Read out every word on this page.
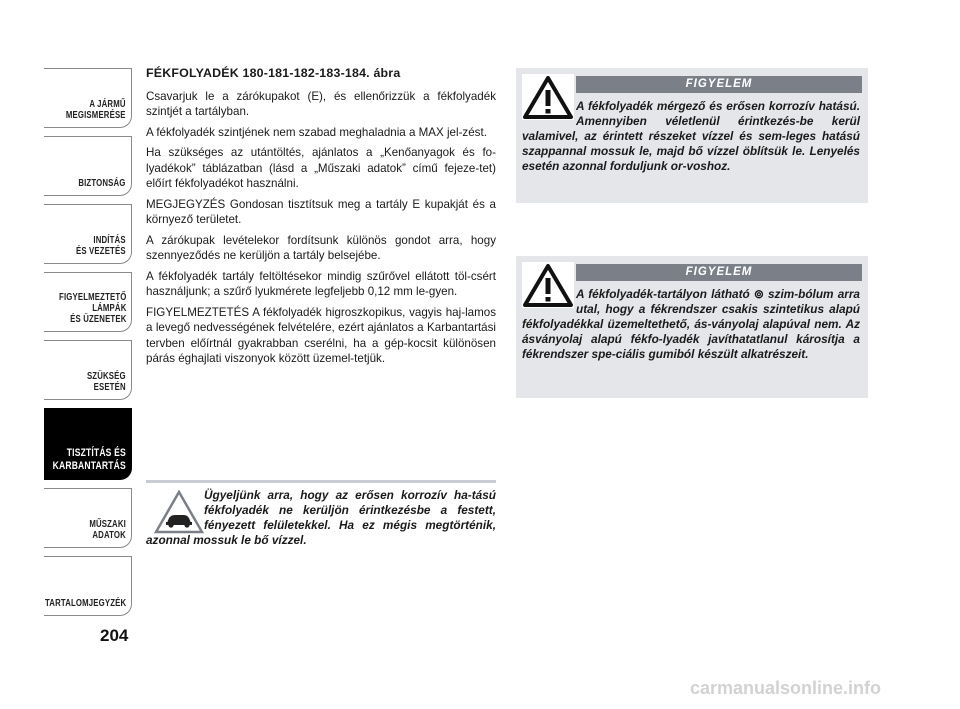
A JÁRMŰ
MEGISMERÉSE
BIZTONSÁG
INDÍTÁS
ÉS VEZETÉS
FIGYELMEZTETŐ
LÁMPÁK
ÉS ÜZENETEK
SZÜKSÉG
ESETÉN
TISZTÍTÁS ÉS
KARBANTARTÁS
MŰSZAKI
ADATOK
TARTALOMJEGYZÉK
204
FÉKFOLYADÉK 180-181-182-183-184. ábra

Csavarjuk le a zárókupakot (E), és ellenőrizzük a fékfolyadék szintjét a tartályban.

A fékfolyadék szintjének nem szabad meghaladnia a MAX jel-zést.

Ha szükséges az utántöltés, ajánlatos a „Kenőanyagok és fo-lyadékok” táblázatban (lásd a „Műszaki adatok” című fejeze-tet) előírt fékfolyadékot használni.

MEGJEGYZÉS Gondosan tisztítsuk meg a tartály E kupakját és a környező területet.

A zárókupak levételekor fordítsunk különös gondot arra, hogy szennyeződés ne kerüljön a tartály belsejébe.

A fékfolyadék tartály feltöltésekor mindig szűrővel ellátott töl-csért használjunk; a szűrő lyukmérete legfeljebb 0,12 mm le-gyen.

FIGYELMEZTETÉS A fékfolyadék higroszkopikus, vagyis haj-lamos a levegő nedvességének felvételére, ezért ajánlatos a Karbantartási tervben előírtnál gyakrabban cserélni, ha a gép-kocsit különösen párás éghajlati viszonyok között üzemel-tetjük.

Ügyeljünk arra, hogy az erősen korrozív ha-tású fékfolyadék ne kerüljön érintkezésbe a festett, fényezett felületekkel. Ha ez mégis megtörténik, azonnal mossuk le bő vízzel.
FIGYELEM
A fékfolyadék mérgező és erősen korrozív hatású. Amennyiben véletlenül érintkezés-be kerül valamivel, az érintett részeket vízzel és sem-leges hatású szappannal mossuk le, majd bő vízzel öblítsük le. Lenyelés esetén azonnal forduljunk or-voshoz.
FIGYELEM
A fékfolyadék-tartályon látható ⊚ szim-bólum arra utal, hogy a fékrendszer csakis szintetikus alapú fékfolyadékkal üzemeltethető, ás-ványolaj alapúval nem. Az ásványolaj alapú fékfo-lyadék javíthatatlanul károsítja a fékrendszer spe-ciális gumiból készült alkatrészeit.
carmanualsonline.info
